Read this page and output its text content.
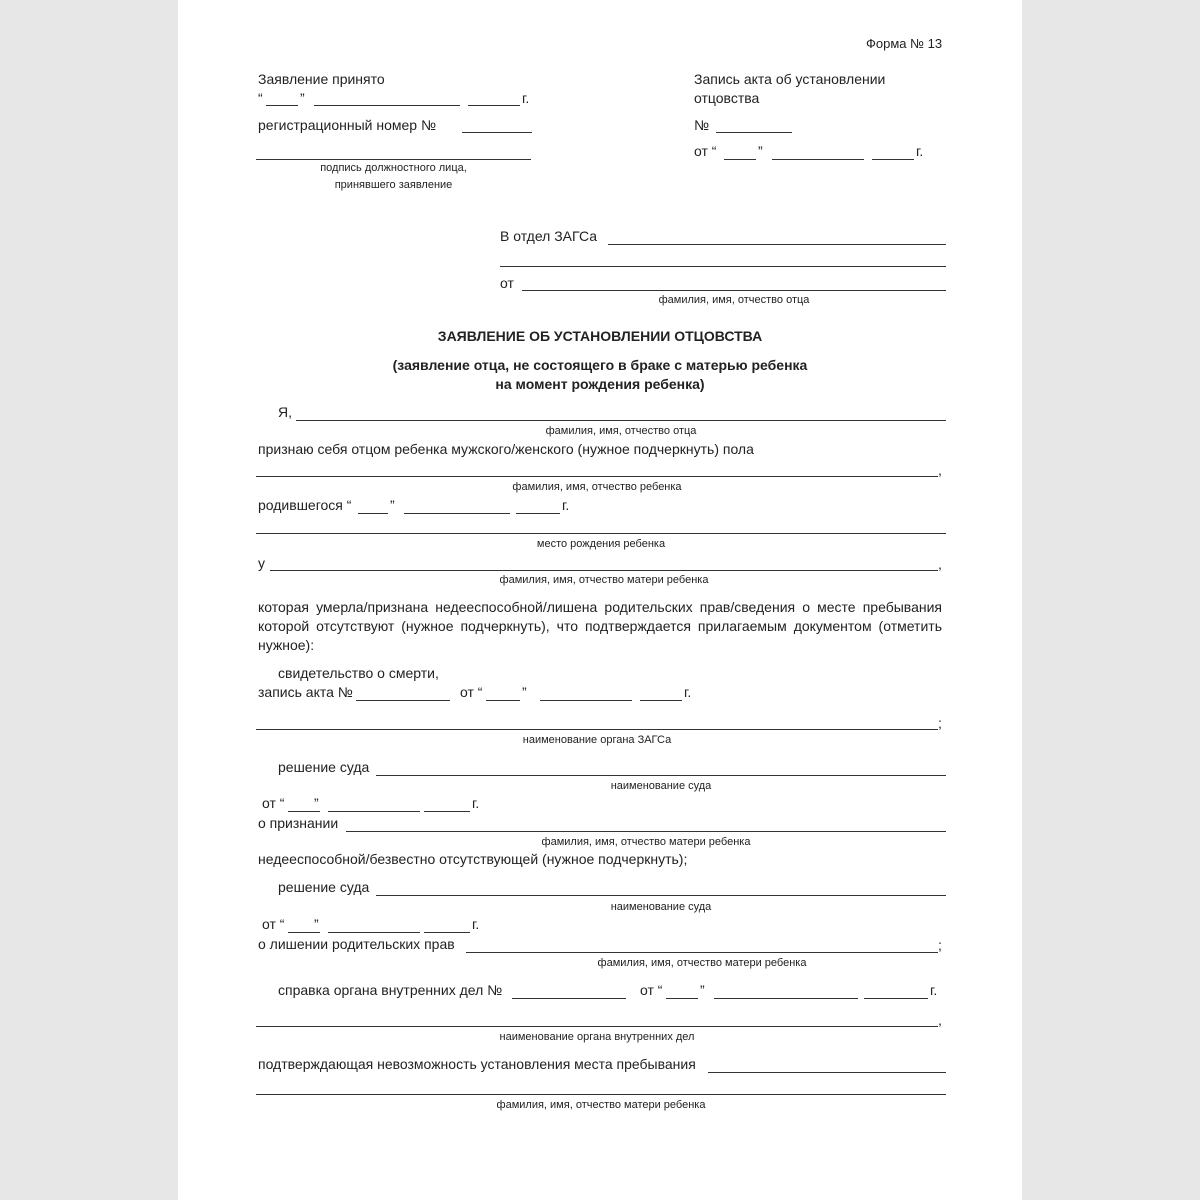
Форма № 13
Заявление принято
“	”	г.
регистрационный номер №
подпись должностного лица,
принявшего заявление
Запись акта об установлении
отцовства
№
от “	”	г.
В отдел ЗАГСа
от
фамилия, имя, отчество отца
ЗАЯВЛЕНИЕ ОБ УСТАНОВЛЕНИИ ОТЦОВСТВА
(заявление отца, не состоящего в браке с матерью ребенка
на момент рождения ребенка)
Я,
фамилия, имя, отчество отца
признаю себя отцом ребенка мужского/женского (нужное подчеркнуть) пола
,
фамилия, имя, отчество ребенка
родившегося “	”	г.
место рождения ребенка
у	,
фамилия, имя, отчество матери ребенка
которая умерла/признана недееспособной/лишена родительских прав/сведения о месте пребывания которой отсутствуют (нужное подчеркнуть), что подтверждается прилагаемым документом (отметить нужное):
свидетельство о смерти,
запись акта №	от “	”	г.
;
наименование органа ЗАГСа
решение суда
наименование суда
от “ ”	г.
о признании
фамилия, имя, отчество матери ребенка
недееспособной/безвестно отсутствующей (нужное подчеркнуть);
решение суда
наименование суда
от “ ”	г.
о лишении родительских прав	;
фамилия, имя, отчество матери ребенка
справка органа внутренних дел №	от “	”	г.
,
наименование органа внутренних дел
подтверждающая невозможность установления места пребывания
фамилия, имя, отчество матери ребенка
